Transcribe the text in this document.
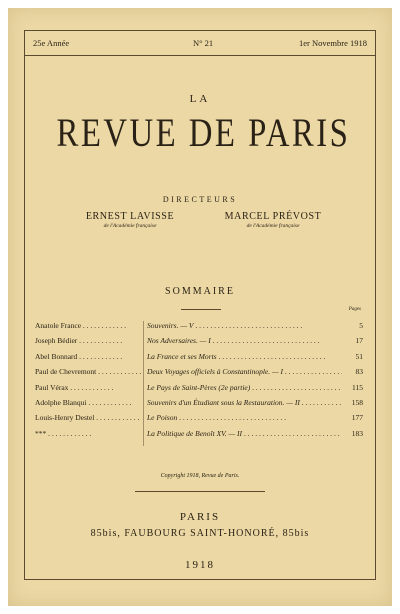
25e Année	N° 21	1er Novembre 1918
LA
REVUE DE PARIS
DIRECTEURS
ERNEST LAVISSE
de l'Académie française
MARCEL PRÉVOST
de l'Académie française
SOMMAIRE
Pages
Anatole France . . .	Souvenirs. — V . . .	5
Joseph Bédier . . .	Nos Adversaires. — I . . .	17
Abel Bonnard . . .	La France et ses Morts . . .	51
Paul de Chevremont . . .	Deux Voyages officiels à Constantinople. — I . . .	83
Paul Vérax . . .	Le Pays de Saint-Pères (2e partie) . . .	115
Adolphe Blanqui . . .	Souvenirs d'un Étudiant sous la Restauration. — II . . .	158
Louis-Henry Destel . . .	Le Poison . . .	177
*** . . .	La Politique de Benoît XV. — II . . .	183
Copyright 1918, Revue de Paris.
PARIS
85bis, FAUBOURG SAINT-HONORÉ, 85bis
1918
